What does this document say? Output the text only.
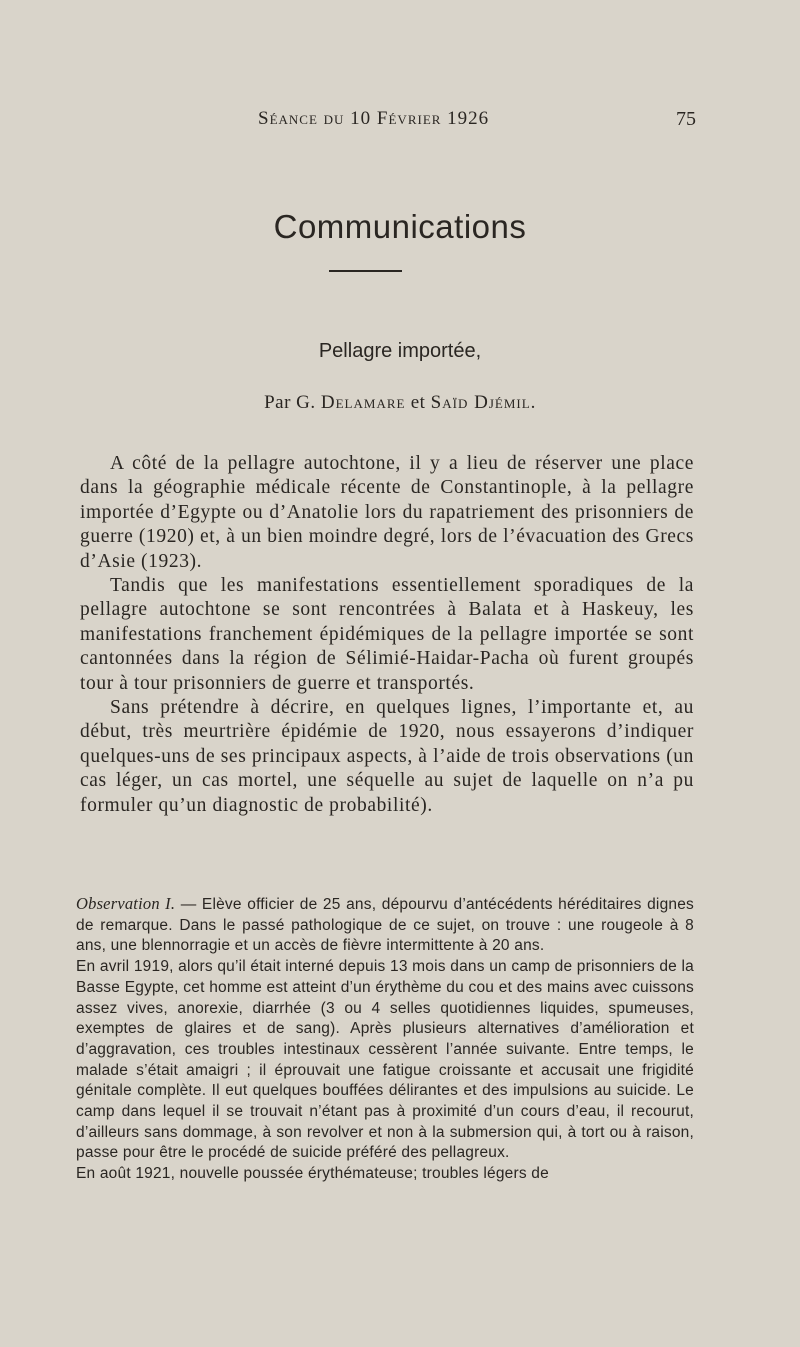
Séance du 10 Février 1926	75
Communications
Pellagre importée,
Par G. Delamare et Saïd Djémil.

A côté de la pellagre autochtone, il y a lieu de réserver une place dans la géographie médicale récente de Constantinople, à la pellagre importée d’Egypte ou d’Anatolie lors du rapatriement des prisonniers de guerre (1920) et, à un bien moindre degré, lors de l’évacuation des Grecs d’Asie (1923).

Tandis que les manifestations essentiellement sporadiques de la pellagre autochtone se sont rencontrées à Balata et à Haskeuy, les manifestations franchement épidémiques de la pellagre importée se sont cantonnées dans la région de Sélimié-Haidar-Pacha où furent groupés tour à tour prisonniers de guerre et transportés.

Sans prétendre à décrire, en quelques lignes, l’importante et, au début, très meurtrière épidémie de 1920, nous essayerons d’indiquer quelques-uns de ses principaux aspects, à l’aide de trois observations (un cas léger, un cas mortel, une séquelle au sujet de laquelle on n’a pu formuler qu’un diagnostic de probabilité).

Observation I. — Elève officier de 25 ans, dépourvu d’antécédents héréditaires dignes de remarque. Dans le passé pathologique de ce sujet, on trouve : une rougeole à 8 ans, une blennorragie et un accès de fièvre intermittente à 20 ans.

En avril 1919, alors qu’il était interné depuis 13 mois dans un camp de prisonniers de la Basse Egypte, cet homme est atteint d’un érythème du cou et des mains avec cuissons assez vives, anorexie, diarrhée (3 ou 4 selles quotidiennes liquides, spumeuses, exemptes de glaires et de sang). Après plusieurs alternatives d’amélioration et d’aggravation, ces troubles intestinaux cessèrent l’année suivante. Entre temps, le malade s’était amaigri ; il éprouvait une fatigue croissante et accusait une frigidité génitale complète. Il eut quelques bouffées délirantes et des impulsions au suicide. Le camp dans lequel il se trouvait n’étant pas à proximité d’un cours d’eau, il recourut, d’ailleurs sans dommage, à son revolver et non à la submersion qui, à tort ou à raison, passe pour être le procédé de suicide préféré des pellagreux.

En août 1921, nouvelle poussée érythémateuse; troubles légers de
